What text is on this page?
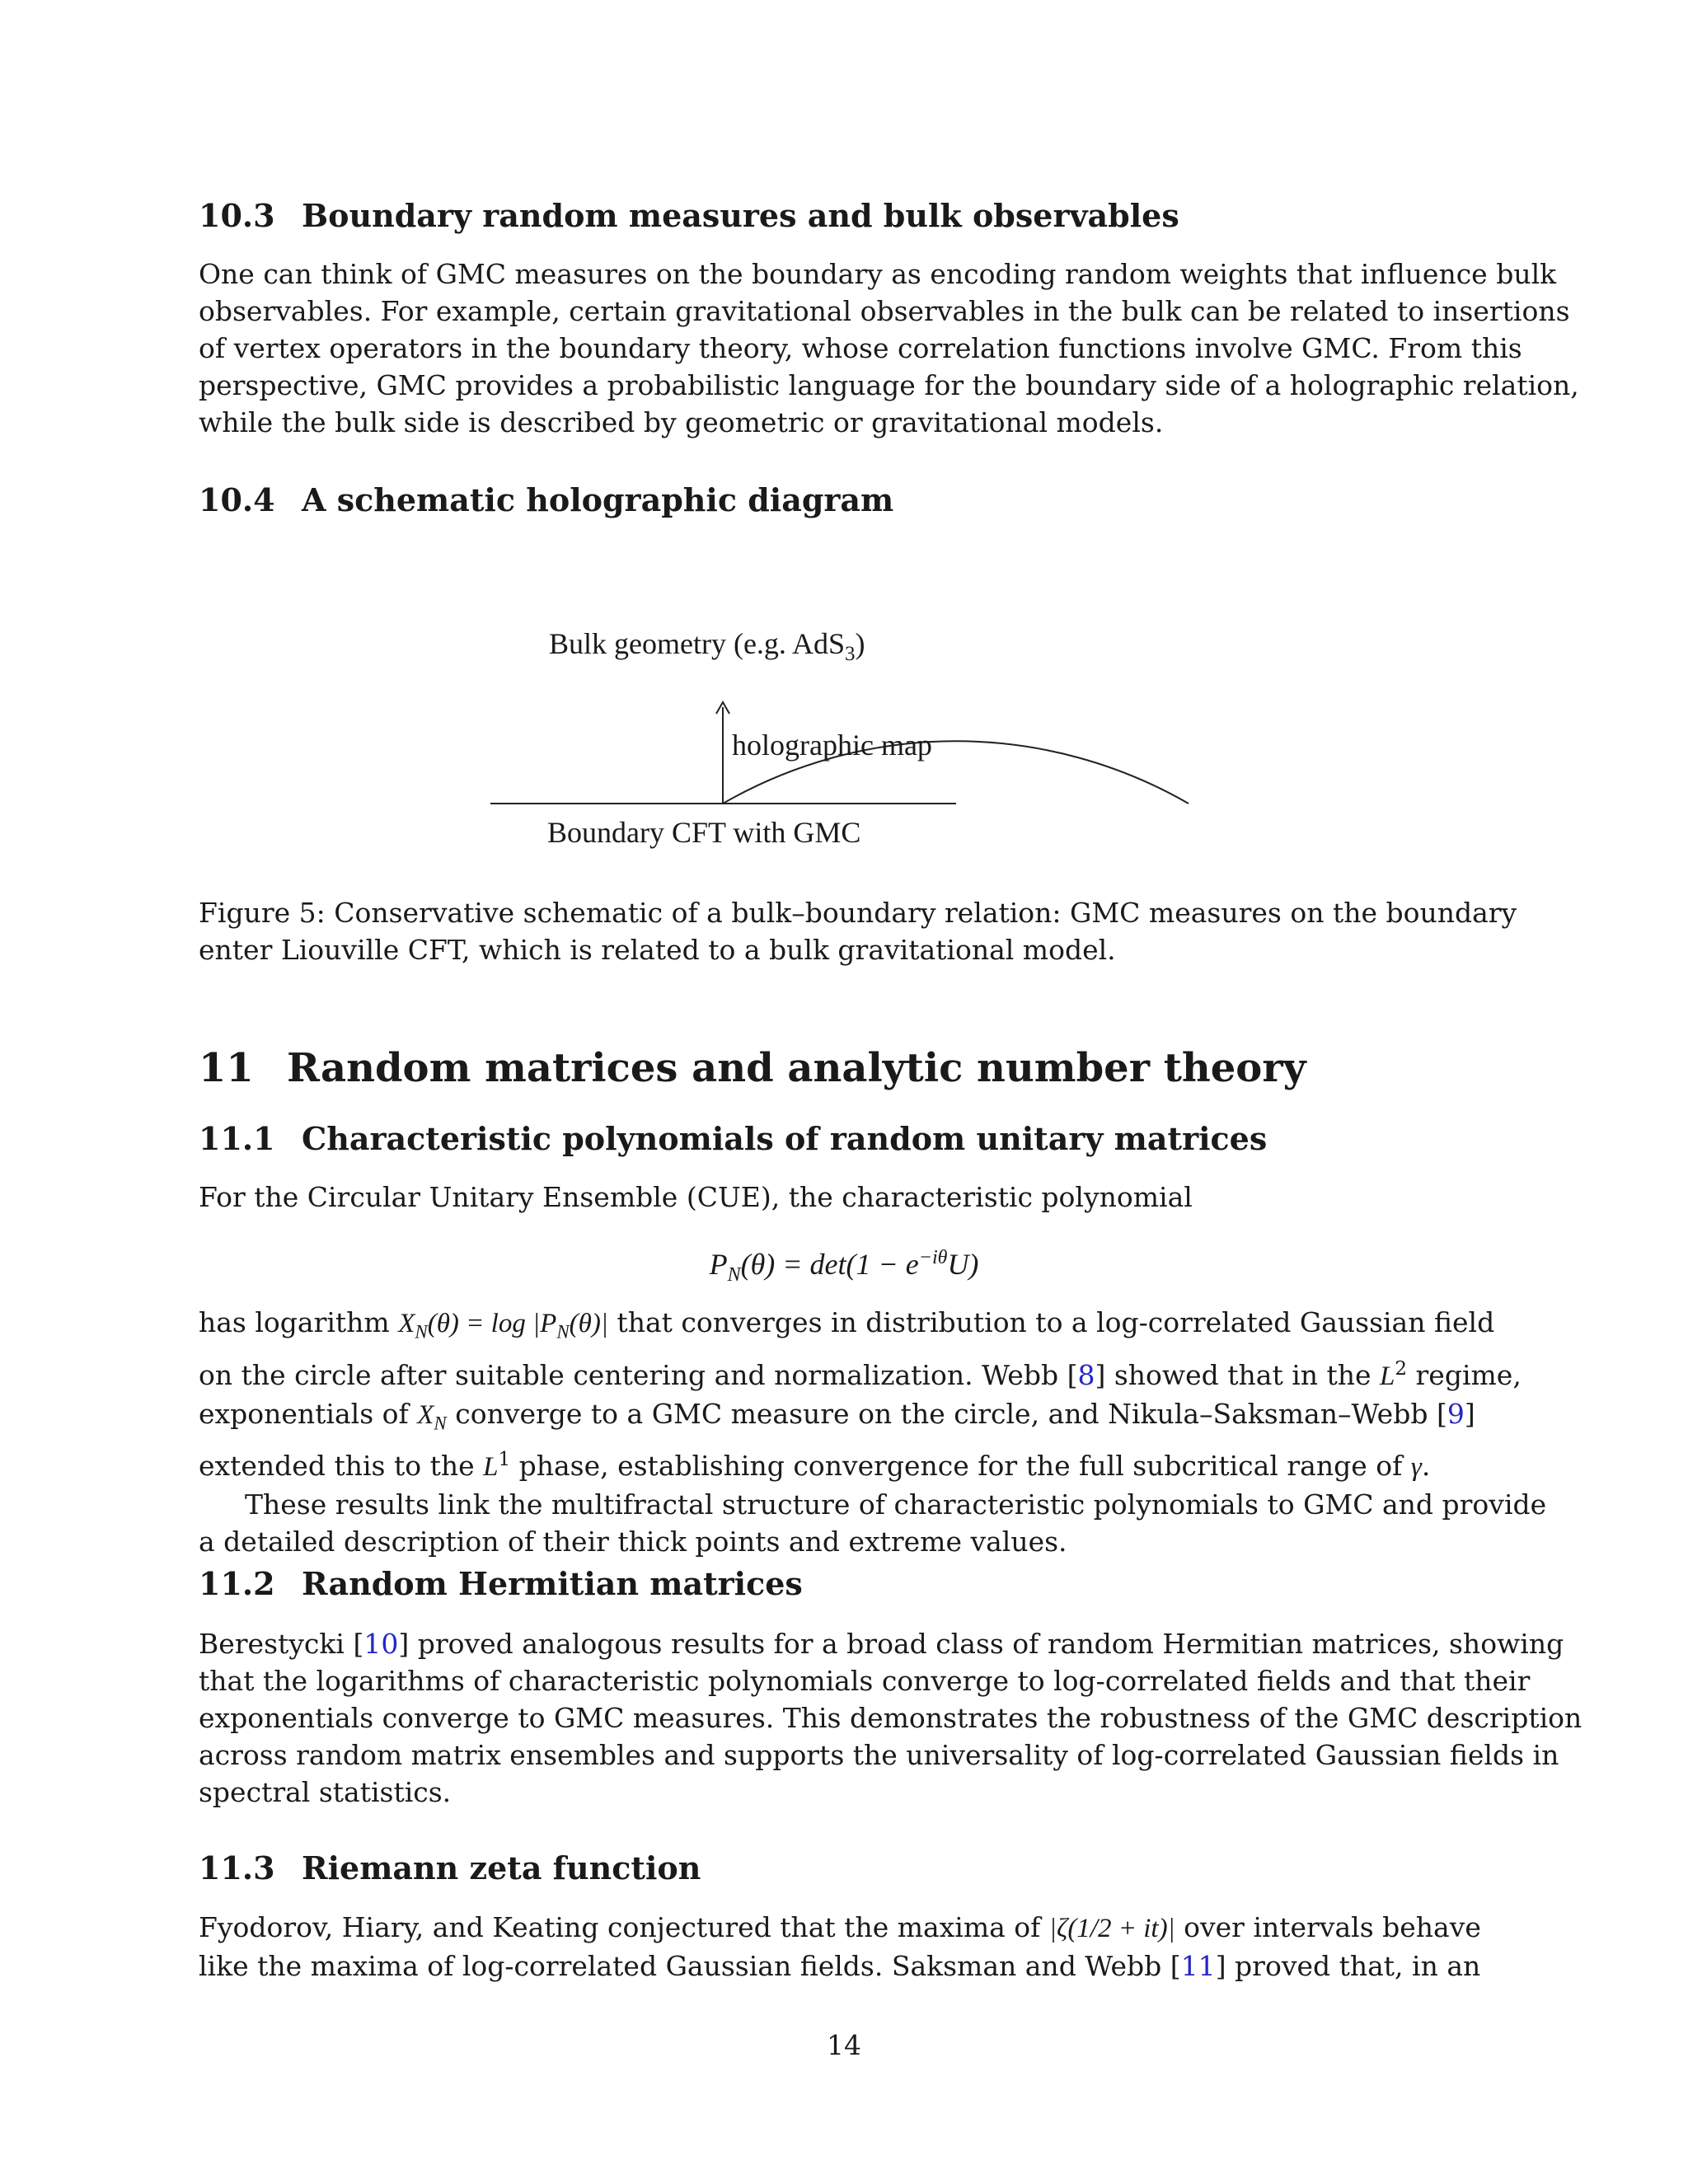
10.3 Boundary random measures and bulk observables
One can think of GMC measures on the boundary as encoding random weights that influence bulk
observables. For example, certain gravitational observables in the bulk can be related to insertions
of vertex operators in the boundary theory, whose correlation functions involve GMC. From this
perspective, GMC provides a probabilistic language for the boundary side of a holographic relation,
while the bulk side is described by geometric or gravitational models.
10.4 A schematic holographic diagram
Bulk geometry (e.g. AdS$_3$)
holographic map
Boundary CFT with GMC
Figure 5: Conservative schematic of a bulk–boundary relation: GMC measures on the boundary
enter Liouville CFT, which is related to a bulk gravitational model.
11 Random matrices and analytic number theory
11.1 Characteristic polynomials of random unitary matrices
For the Circular Unitary Ensemble (CUE), the characteristic polynomial
$P_N(\theta) = \det(1 - e^{-i\theta}U)$
has logarithm $X_N(\theta) = \log |P_N(\theta)|$ that converges in distribution to a log-correlated Gaussian field
on the circle after suitable centering and normalization. Webb [8] showed that in the $L^2$ regime,
exponentials of $X_N$ converge to a GMC measure on the circle, and Nikula–Saksman–Webb [9]
extended this to the $L^1$ phase, establishing convergence for the full subcritical range of γ.
These results link the multifractal structure of characteristic polynomials to GMC and provide
a detailed description of their thick points and extreme values.
11.2 Random Hermitian matrices
Berestycki [10] proved analogous results for a broad class of random Hermitian matrices, showing
that the logarithms of characteristic polynomials converge to log-correlated fields and that their
exponentials converge to GMC measures. This demonstrates the robustness of the GMC description
across random matrix ensembles and supports the universality of log-correlated Gaussian fields in
spectral statistics.
11.3 Riemann zeta function
Fyodorov, Hiary, and Keating conjectured that the maxima of |ζ(1/2 + it)| over intervals behave
like the maxima of log-correlated Gaussian fields. Saksman and Webb [11] proved that, in an
14
